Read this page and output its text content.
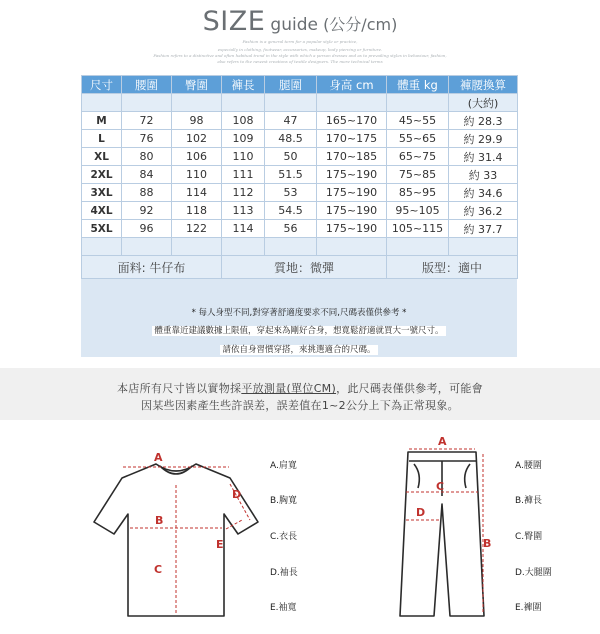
SIZE guide (公分/cm)
Fashion is a general term for a popular style or practice,
especially in clothing, footwear, accessories, makeup, body piercing or furniture.
Fashion refers to a distinctive and often habitual trend in the style with which a person dresses and as to prevailing styles in behaviour, fashion,
also refers to the newest creations of textile designers. The more technical terms
尺寸	腰圍	臀圍	褲長	腿圍	身高 cm	體重 kg	褲腰換算
							(大約)
M	72	98	108	47	165~170	45~55	約 28.3
L	76	102	109	48.5	170~175	55~65	約 29.9
XL	80	106	110	50	170~185	65~75	約 31.4
2XL	84	110	111	51.5	175~190	75~85	約 33
3XL	88	114	112	53	175~190	85~95	約 34.6
4XL	92	118	113	54.5	175~190	95~105	約 36.2
5XL	96	122	114	56	175~190	105~115	約 37.7

面料: 牛仔布			質地：微彈			版型：適中	
* 每人身型不同,對穿著舒適度要求不同,尺碼表僅供參考 *
體重靠近建議數據上限值，穿起來為剛好合身，想寬鬆舒適就買大一號尺寸。
請依自身習慣穿搭，來挑選適合的尺碼。

本店所有尺寸皆以實物採平放測量(單位CM)，此尺碼表僅供參考，可能會

因某些因素產生些許誤差，誤差值在1~2公分上下為正常現象。

A
B
C
D
E
A.肩寬
B.胸寬
C.衣長
D.袖長
E.袖寬
A
B
C
D
A.腰圍
B.褲長
C.臀圍
D.大腿圍
E.褲圍
